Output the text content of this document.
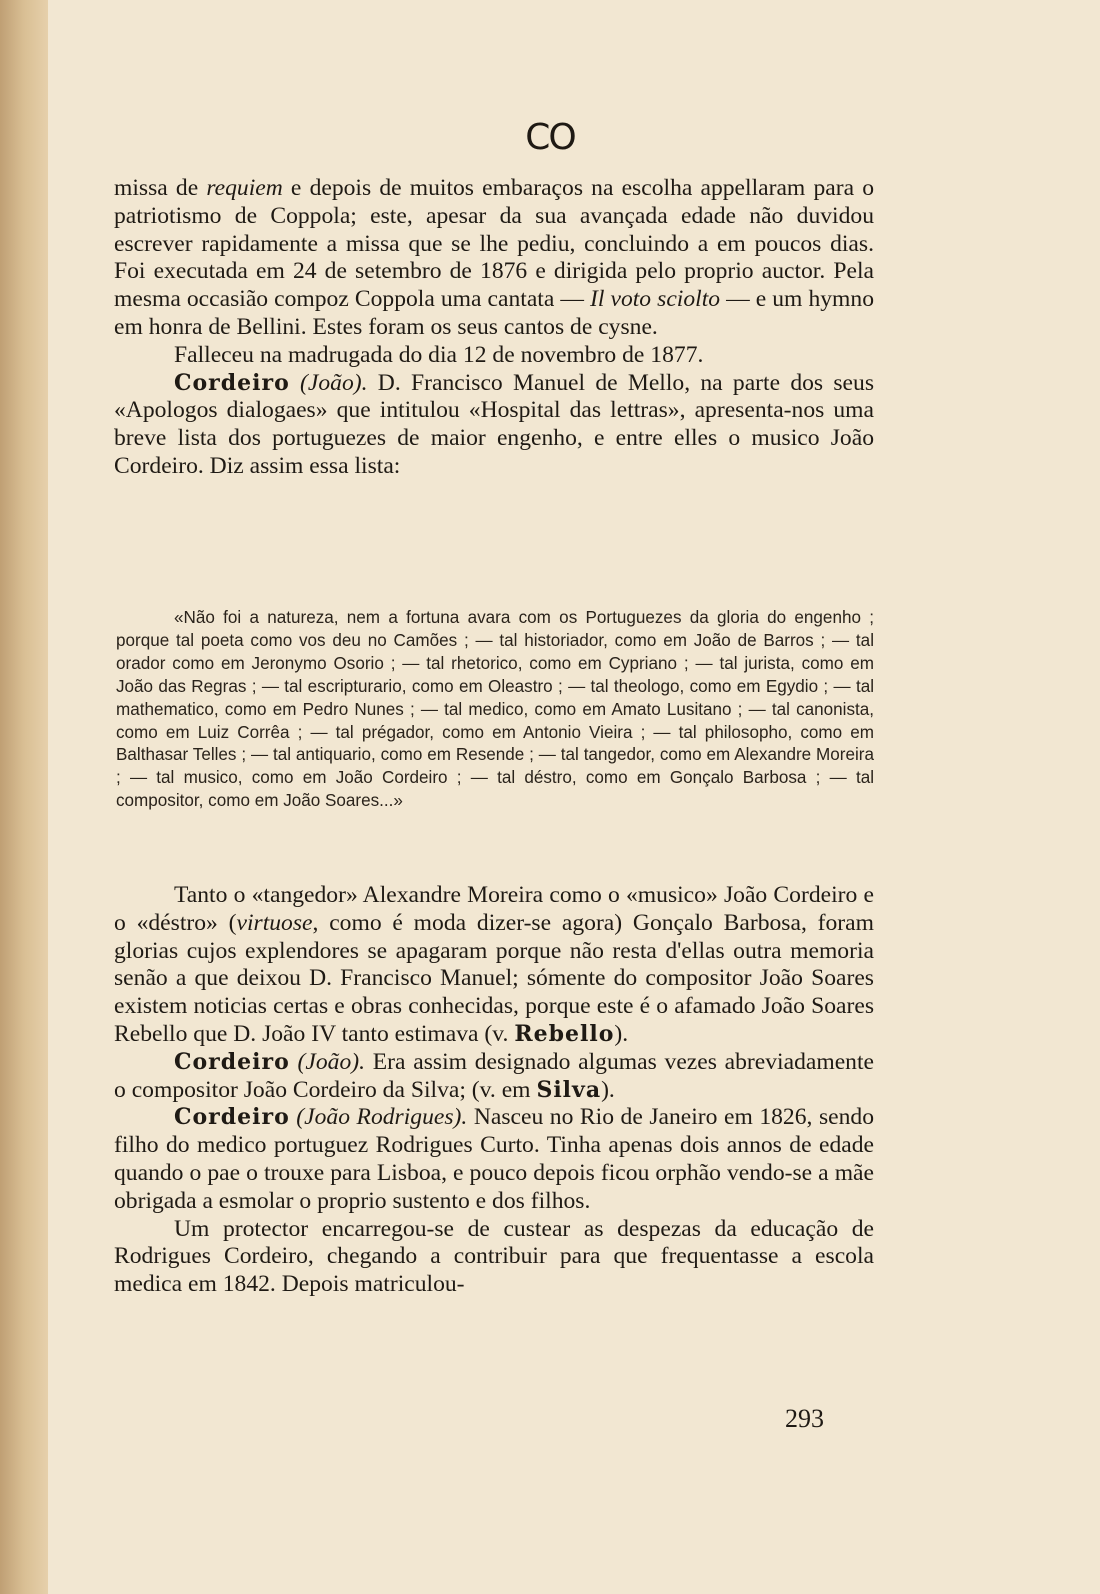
CO

missa de requiem e depois de muitos embaraços na escolha appellaram para o patriotismo de Coppola; este, apesar da sua avançada edade não duvidou escrever rapidamente a missa que se lhe pediu, concluindo a em poucos dias. Foi executada em 24 de setembro de 1876 e dirigida pelo proprio auctor. Pela mesma occasião compoz Coppola uma cantata — Il voto sciolto — e um hymno em honra de Bellini. Estes foram os seus cantos de cysne.

Falleceu na madrugada do dia 12 de novembro de 1877.

Cordeiro (João). D. Francisco Manuel de Mello, na parte dos seus «Apologos dialogaes» que intitulou «Hospital das lettras», apresenta-nos uma breve lista dos portuguezes de maior engenho, e entre elles o musico João Cordeiro. Diz assim essa lista:

«Não foi a natureza, nem a fortuna avara com os Portuguezes da gloria do engenho ; porque tal poeta como vos deu no Camões ; — tal historiador, como em João de Barros ; — tal orador como em Jeronymo Osorio ; — tal rhetorico, como em Cypriano ; — tal jurista, como em João das Regras ; — tal escripturario, como em Oleastro ; — tal theologo, como em Egydio ; — tal mathematico, como em Pedro Nunes ; — tal medico, como em Amato Lusitano ; — tal canonista, como em Luiz Corrêa ; — tal prégador, como em Antonio Vieira ; — tal philosopho, como em Balthasar Telles ; — tal antiquario, como em Resende ; — tal tangedor, como em Alexandre Moreira ; — tal musico, como em João Cordeiro ; — tal déstro, como em Gonçalo Barbosa ; — tal compositor, como em João Soares...»

Tanto o «tangedor» Alexandre Moreira como o «musico» João Cordeiro e o «déstro» (virtuose, como é moda dizer-se agora) Gonçalo Barbosa, foram glorias cujos explendores se apagaram porque não resta d'ellas outra memoria senão a que deixou D. Francisco Manuel; sómente do compositor João Soares existem noticias certas e obras conhecidas, porque este é o afamado João Soares Rebello que D. João IV tanto estimava (v. Rebello).

Cordeiro (João). Era assim designado algumas vezes abreviadamente o compositor João Cordeiro da Silva; (v. em Silva).

Cordeiro (João Rodrigues). Nasceu no Rio de Janeiro em 1826, sendo filho do medico portuguez Rodrigues Curto. Tinha apenas dois annos de edade quando o pae o trouxe para Lisboa, e pouco depois ficou orphão vendo-se a mãe obrigada a esmolar o proprio sustento e dos filhos.

Um protector encarregou-se de custear as despezas da educação de Rodrigues Cordeiro, chegando a contribuir para que frequentasse a escola medica em 1842. Depois matriculou-

293
